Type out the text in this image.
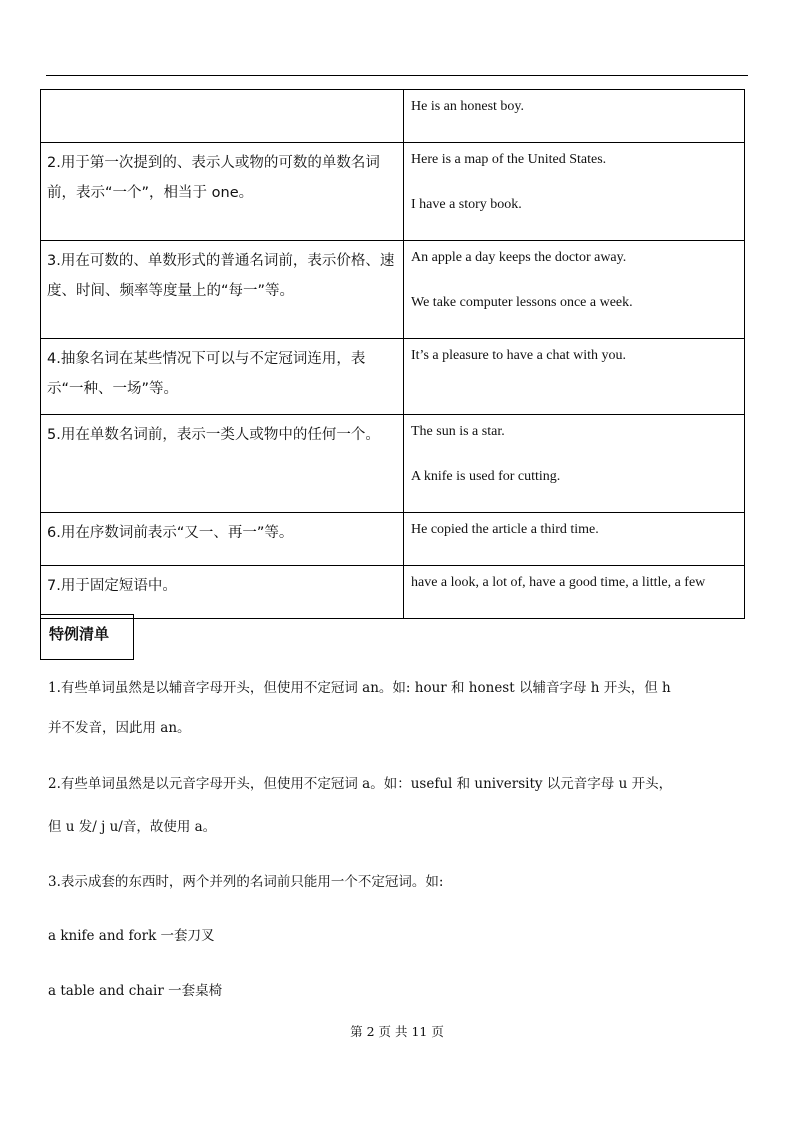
	He is an honest boy.

2.用于第一次提到的、表示人或物的可数的单数名词前，表示“一个”，相当于 one。	Here is a map of the United States.
I have a story book.

3.用在可数的、单数形式的普通名词前，表示价格、速度、时间、频率等度量上的“每一”等。	An apple a day keeps the doctor away.
We take computer lessons once a week.

4.抽象名词在某些情况下可以与不定冠词连用，表示“一种、一场”等。	It’s a pleasure to have a chat with you.

5.用在单数名词前，表示一类人或物中的任何一个。	The sun is a star.
A knife is used for cutting.

6.用在序数词前表示“又一、再一”等。	He copied the article a third time.

7.用于固定短语中。	have a look, a lot of, have a good time, a little, a few
特例清单
1.有些单词虽然是以辅音字母开头，但使用不定冠词 an。如: hour 和 honest 以辅音字母 h 开头，但 h
并不发音，因此用 an。
2.有些单词虽然是以元音字母开头，但使用不定冠词 a。如：useful 和 university 以元音字母 u 开头，
但 u 发/ j u/音，故使用 a。
3.表示成套的东西时，两个并列的名词前只能用一个不定冠词。如:
a knife and fork 一套刀叉
a table and chair 一套桌椅
第 2 页 共 11 页
